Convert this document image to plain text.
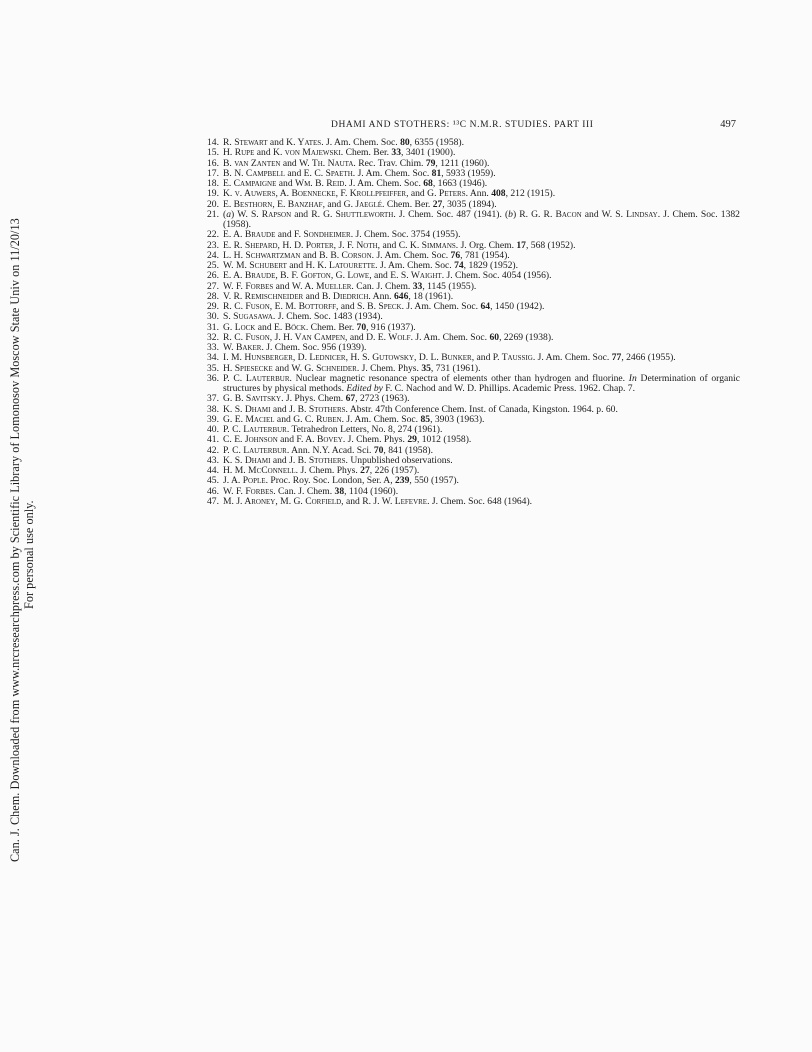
Can. J. Chem. Downloaded from www.nrcresearchpress.com by Scientific Library of Lomonosov Moscow State Univ on 11/20/13 For personal use only.
DHAMI AND STOTHERS: ¹³C N.M.R. STUDIES. PART III	497
14. R. Stewart and K. Yates. J. Am. Chem. Soc. 80, 6355 (1958).
15. H. Rupe and K. von Majewski. Chem. Ber. 33, 3401 (1900).
16. B. van Zanten and W. Th. Nauta. Rec. Trav. Chim. 79, 1211 (1960).
17. B. N. Campbell and E. C. Spaeth. J. Am. Chem. Soc. 81, 5933 (1959).
18. E. Campaigne and Wm. B. Reid. J. Am. Chem. Soc. 68, 1663 (1946).
19. K. v. Auwers, A. Boennecke, F. Krollpfeiffer, and G. Peters. Ann. 408, 212 (1915).
20. E. Besthorn, E. Banzhaf, and G. Jaeglé. Chem. Ber. 27, 3035 (1894).
21. (a) W. S. Rapson and R. G. Shuttleworth. J. Chem. Soc. 487 (1941). (b) R. G. R. Bacon and W. S. Lindsay. J. Chem. Soc. 1382 (1958).
22. E. A. Braude and F. Sondheimer. J. Chem. Soc. 3754 (1955).
23. E. R. Shepard, H. D. Porter, J. F. Noth, and C. K. Simmans. J. Org. Chem. 17, 568 (1952).
24. L. H. Schwartzman and B. B. Corson. J. Am. Chem. Soc. 76, 781 (1954).
25. W. M. Schubert and H. K. Latourette. J. Am. Chem. Soc. 74, 1829 (1952).
26. E. A. Braude, B. F. Gofton, G. Lowe, and E. S. Waight. J. Chem. Soc. 4054 (1956).
27. W. F. Forbes and W. A. Mueller. Can. J. Chem. 33, 1145 (1955).
28. V. R. Remischneider and B. Diedrich. Ann. 646, 18 (1961).
29. R. C. Fuson, E. M. Bottorff, and S. B. Speck. J. Am. Chem. Soc. 64, 1450 (1942).
30. S. Sugasawa. J. Chem. Soc. 1483 (1934).
31. G. Lock and E. Böck. Chem. Ber. 70, 916 (1937).
32. R. C. Fuson, J. H. Van Campen, and D. E. Wolf. J. Am. Chem. Soc. 60, 2269 (1938).
33. W. Baker. J. Chem. Soc. 956 (1939).
34. I. M. Hunsberger, D. Lednicer, H. S. Gutowsky, D. L. Bunker, and P. Taussig. J. Am. Chem. Soc. 77, 2466 (1955).
35. H. Spiesecke and W. G. Schneider. J. Chem. Phys. 35, 731 (1961).
36. P. C. Lauterbur. Nuclear magnetic resonance spectra of elements other than hydrogen and fluorine. In Determination of organic structures by physical methods. Edited by F. C. Nachod and W. D. Phillips. Academic Press. 1962. Chap. 7.
37. G. B. Savitsky. J. Phys. Chem. 67, 2723 (1963).
38. K. S. Dhami and J. B. Stothers. Abstr. 47th Conference Chem. Inst. of Canada, Kingston. 1964. p. 60.
39. G. E. Maciel and G. C. Ruben. J. Am. Chem. Soc. 85, 3903 (1963).
40. P. C. Lauterbur. Tetrahedron Letters, No. 8, 274 (1961).
41. C. E. Johnson and F. A. Bovey. J. Chem. Phys. 29, 1012 (1958).
42. P. C. Lauterbur. Ann. N.Y. Acad. Sci. 70, 841 (1958).
43. K. S. Dhami and J. B. Stothers. Unpublished observations.
44. H. M. McConnell. J. Chem. Phys. 27, 226 (1957).
45. J. A. Pople. Proc. Roy. Soc. London, Ser. A, 239, 550 (1957).
46. W. F. Forbes. Can. J. Chem. 38, 1104 (1960).
47. M. J. Aroney, M. G. Corfield, and R. J. W. Lefevre. J. Chem. Soc. 648 (1964).
